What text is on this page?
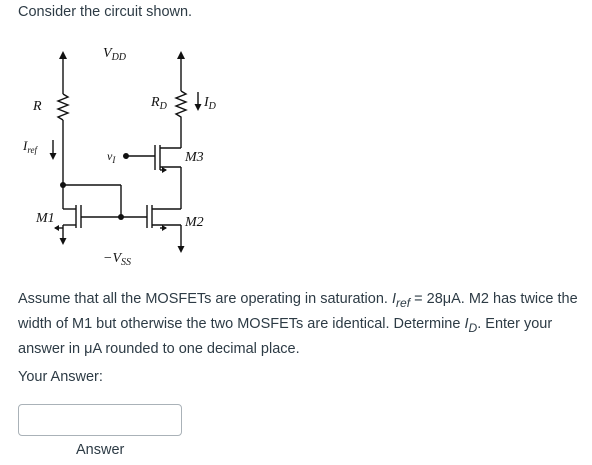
Consider the circuit shown.
$V_{DD}$
R	$R_D$	$I_D$
$I_{ref}$	$v_I$	M3
M1	M2
$-V_{SS}$
Assume that all the MOSFETs are operating in saturation. $I_{ref} = 28\mu A$. M2 has twice the width of M1 but otherwise the two MOSFETs are identical. Determine $I_D$. Enter your answer in μA rounded to one decimal place.
Your Answer:
Answer
